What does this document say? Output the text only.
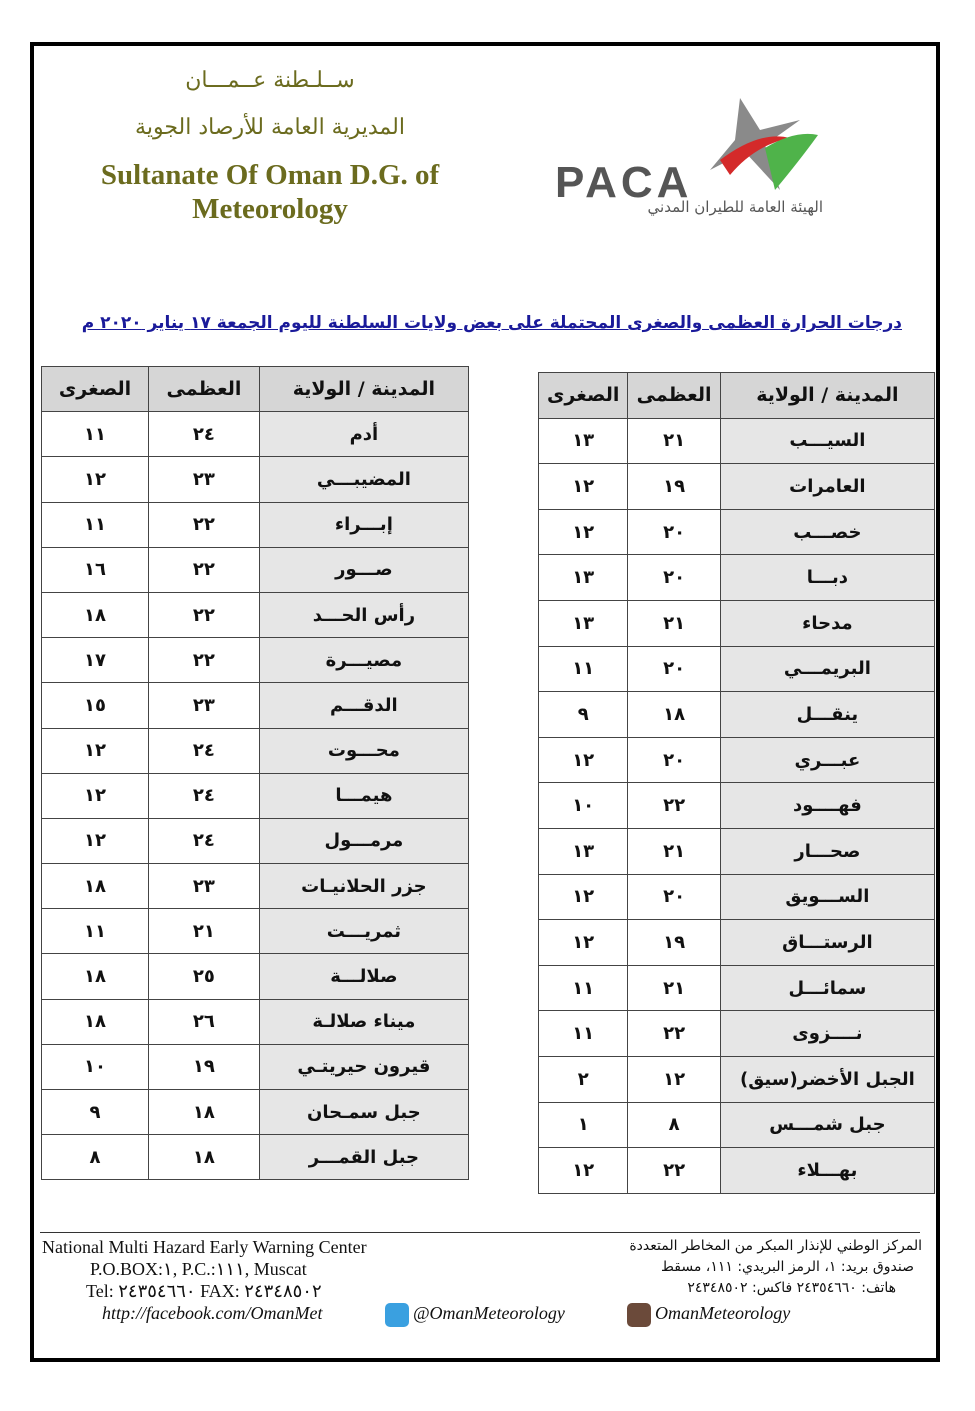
ســلـطنة عــمـــان
المديرية العامة للأرصاد الجوية
Sultanate Of Oman D.G. of
Meteorology
PACA
الهيئة العامة للطيران المدني
درجات الحرارة العظمى والصغرى المحتملة على بعض ولايات السلطنة لليوم الجمعة ١٧ يناير ٢٠٢٠ م
المدينة / الولاية	العظمى	الصغرى
السيـــب	٢١	١٣
العامرات	١٩	١٢
خصـــب	٢٠	١٢
دبـــا	٢٠	١٣
مدحاء	٢١	١٣
البريمـــي	٢٠	١١
ينقـــل	١٨	٩
عبـــري	٢٠	١٢
فهــــود	٢٢	١٠
صحـــار	٢١	١٣
الســـويق	٢٠	١٢
الرستـــاق	١٩	١٢
سمائـــل	٢١	١١
نــــزوى	٢٢	١١
الجبل الأخضر(سيق)	١٢	٢
جبل شمـــس	٨	١
بهـــلاء	٢٢	١٢
المدينة / الولاية	العظمى	الصغرى
أدم	٢٤	١١
المضيبـــي	٢٣	١٢
إبـــراء	٢٢	١١
صـــور	٢٢	١٦
رأس الحـــد	٢٢	١٨
مصيـــرة	٢٢	١٧
الدقـــم	٢٣	١٥
محـــوت	٢٤	١٢
هيمـــا	٢٤	١٢
مرمـــول	٢٤	١٢
جزر الحلانيـات	٢٣	١٨
ثمريـــت	٢١	١١
صلالـــة	٢٥	١٨
ميناء صلالـة	٢٦	١٨
قيرون حيريتـي	١٩	١٠
جبل سمـحان	١٨	٩
جبل القمـــر	١٨	٨
National Multi Hazard Early Warning Center
P.O.BOX:١, P.C.:١١١, Muscat
Tel: ٢٤٣٥٤٦٦٠ FAX: ٢٤٣٤٨٥٠٢
المركز الوطني للإنذار المبكر من المخاطر المتعددة
صندوق بريد: ١، الرمز البريدي: ١١١، مسقط
هاتف: ٢٤٣٥٤٦٦٠ فاكس: ٢٤٣٤٨٥٠٢
http://facebook.com/OmanMet	@OmanMeteorology	OmanMeteorology
